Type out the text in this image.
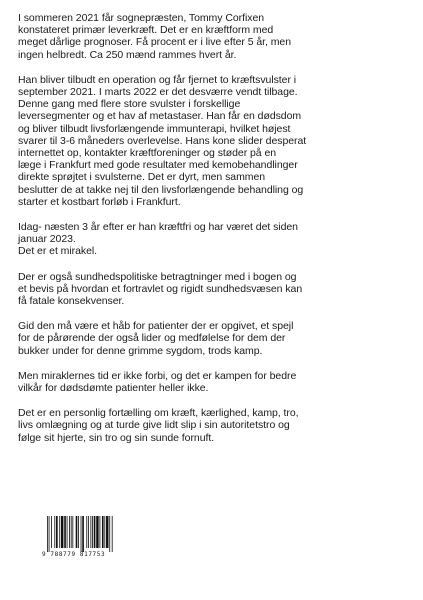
I sommeren 2021 får sognepræsten, Tommy Corfixen
konstateret primær leverkræft. Det er en kræftform med
meget dårlige prognoser. Få procent er i live efter 5 år, men
ingen helbredt. Ca 250 mænd rammes hvert år.

Han bliver tilbudt en operation og får fjernet to kræftsvulster i
september 2021. I marts 2022 er det desværre vendt tilbage.
Denne gang med flere store svulster i forskellige
leversegmenter og et hav af metastaser. Han får en dødsdom
og bliver tilbudt livsforlængende immunterapi, hvilket højest
svarer til 3-6 måneders overlevelse. Hans kone slider desperat
internettet op, kontakter kræftforeninger og støder på en
læge i Frankfurt med gode resultater med kemobehandlinger
direkte sprøjtet i svulsterne. Det er dyrt, men sammen
beslutter de at takke nej til den livsforlængende behandling og
starter et kostbart forløb i Frankfurt.

Idag- næsten 3 år efter er han kræftfri og har været det siden
januar 2023.
Det er et mirakel.

Der er også sundhedspolitiske betragtninger med i bogen og
et bevis på hvordan et fortravlet og rigidt sundhedsvæsen kan
få fatale konsekvenser.

Gid den må være et håb for patienter der er opgivet, et spejl
for de pårørende der også lider og medfølelse for dem der
bukker under for denne grimme sygdom, trods kamp.

Men miraklernes tid er ikke forbi, og det er kampen for bedre
vilkår for dødsdømte patienter heller ikke.

Det er en personlig fortælling om kræft, kærlighed, kamp, tro,
livs omlægning og at turde give lidt slip i sin autoritetstro og
følge sit hjerte, sin tro og sin sunde fornuft.

9 788779 817753
